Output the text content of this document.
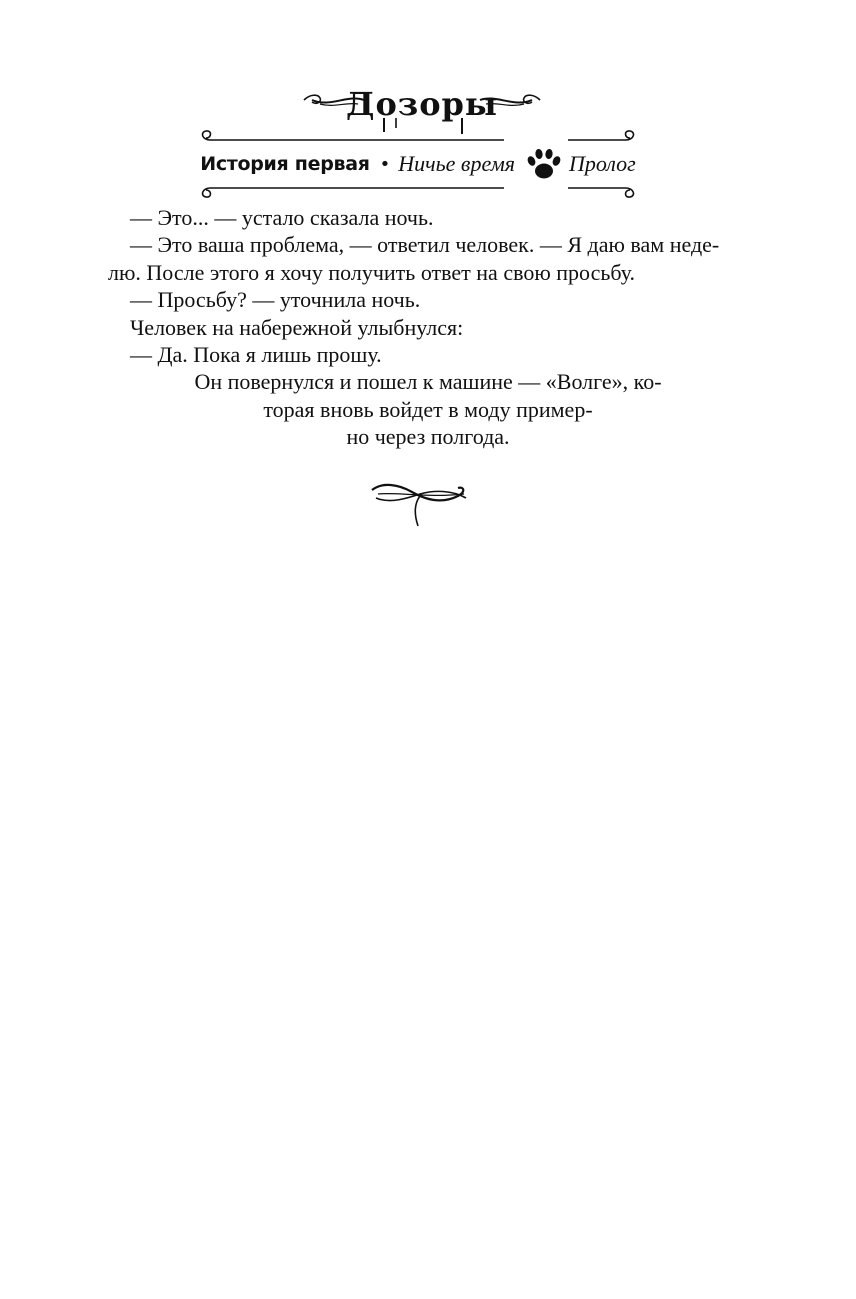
Дозоры
История первая • Ничье время Пролог
— Это... — устало сказала ночь.
— Это ваша проблема, — ответил человек. — Я даю вам неде-
лю. После этого я хочу получить ответ на свою просьбу.
— Просьбу? — уточнила ночь.
Человек на набережной улыбнулся:
— Да. Пока я лишь прошу.
Он повернулся и пошел к машине — «Волге», ко-
торая вновь войдет в моду пример-
но через полгода.
